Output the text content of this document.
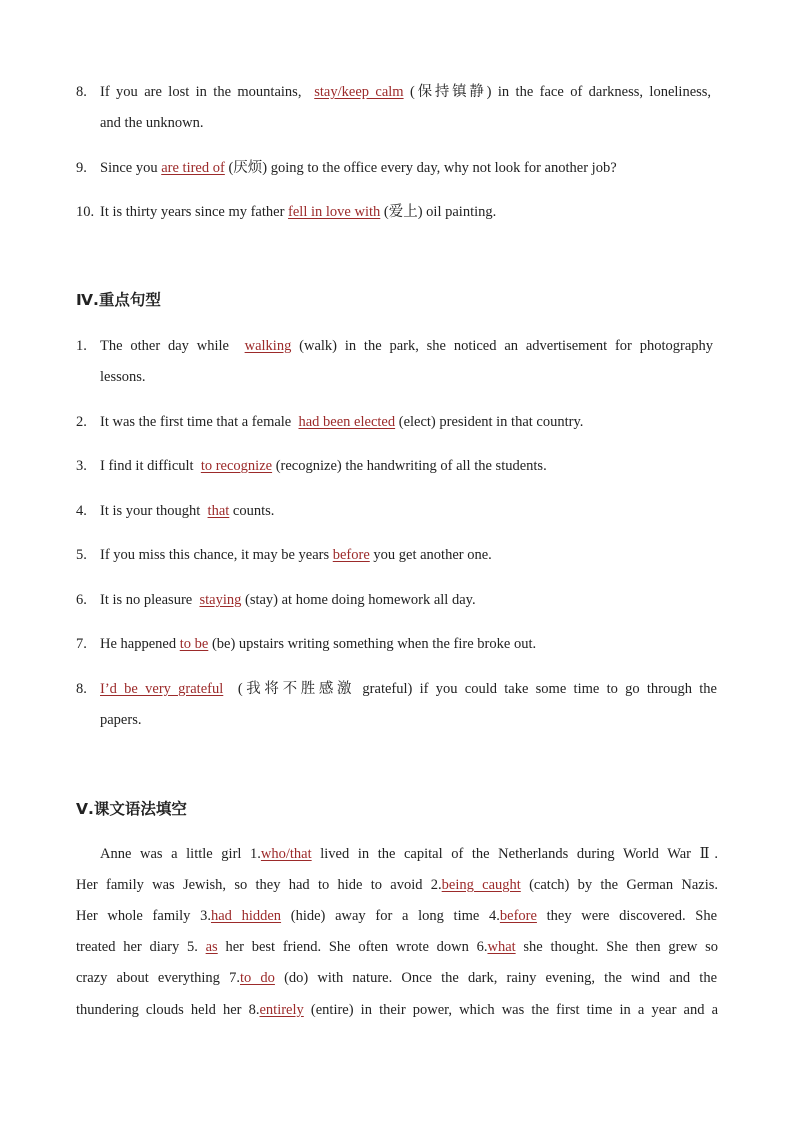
8. If you are lost in the mountains, stay/keep calm (保持镇静) in the face of darkness, loneliness,
and the unknown.
9. Since you are tired of (厌烦) going to the office every day, why not look for another job?
10. It is thirty years since my father fell in love with (爱上) oil painting.
Ⅳ.重点句型
1. The other day while walking (walk) in the park, she noticed an advertisement for photography
lessons.
2. It was the first time that a female had been elected (elect) president in that country.
3. I find it difficult to recognize (recognize) the handwriting of all the students.
4. It is your thought that counts.
5. If you miss this chance, it may be years before you get another one.
6. It is no pleasure staying (stay) at home doing homework all day.
7. He happened to be (be) upstairs writing something when the fire broke out.
8. I’d be very grateful (我将不胜感激 grateful) if you could take some time to go through the
papers.
Ⅴ.课文语法填空
Anne was a little girl 1.who/that lived in the capital of the Netherlands during World War Ⅱ.
Her family was Jewish, so they had to hide to avoid 2.being caught (catch) by the German Nazis.
Her whole family 3.had hidden (hide) away for a long time 4.before they were discovered. She
treated her diary 5. as her best friend. She often wrote down 6.what she thought. She then grew so
crazy about everything 7.to do (do) with nature. Once the dark, rainy evening, the wind and the
thundering clouds held her 8.entirely (entire) in their power, which was the first time in a year and a
